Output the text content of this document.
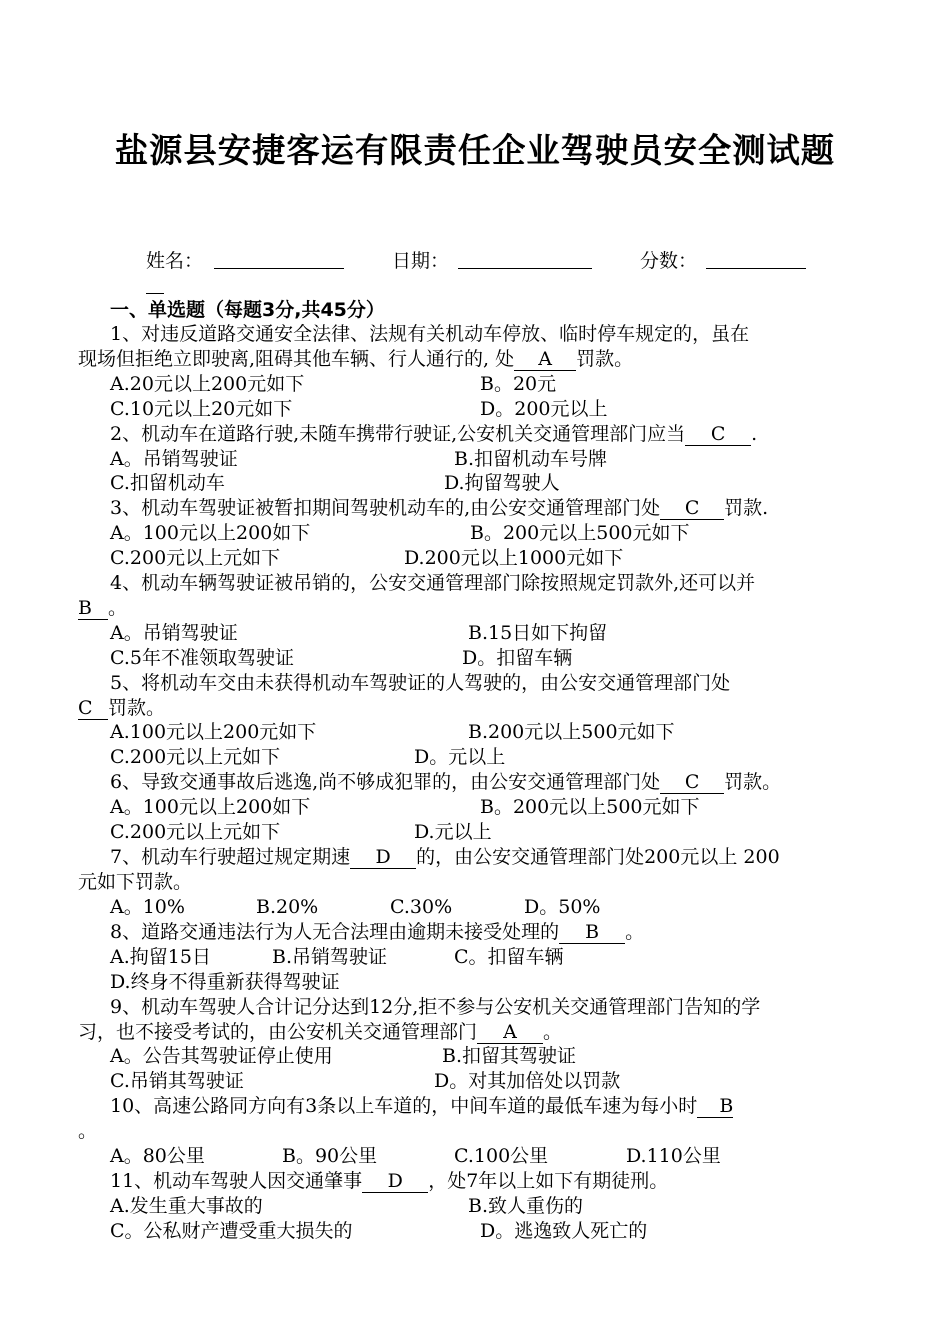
盐源县安捷客运有限责任企业驾驶员安全测试题
姓名：	日期：	分数：
一、单选题（每题3分,共45分）
1、对违反道路交通安全法律、法规有关机动车停放、临时停车规定的，虽在
现场但拒绝立即驶离,阻碍其他车辆、行人通行的, 处 A 罚款。
A.20元以上200元如下	B。20元
C.10元以上20元如下	D。200元以上
2、机动车在道路行驶,未随车携带行驶证,公安机关交通管理部门应当 C .
A。吊销驾驶证	B.扣留机动车号牌
C.扣留机动车	D.拘留驾驶人
3、机动车驾驶证被暂扣期间驾驶机动车的,由公安交通管理部门处 C 罚款.
A。100元以上200如下	B。200元以上500元如下
C.200元以上元如下	D.200元以上1000元如下
4、机动车辆驾驶证被吊销的，公安交通管理部门除按照规定罚款外,还可以并
B 。
A。吊销驾驶证	B.15日如下拘留
C.5年不准领取驾驶证	D。扣留车辆
5、将机动车交由未获得机动车驾驶证的人驾驶的，由公安交通管理部门处
C 罚款。
A.100元以上200元如下	B.200元以上500元如下
C.200元以上元如下	D。元以上
6、导致交通事故后逃逸,尚不够成犯罪的，由公安交通管理部门处 C 罚款。
A。100元以上200如下	B。200元以上500元如下
C.200元以上元如下	D.元以上
7、机动车行驶超过规定期速 D 的，由公安交通管理部门处200元以上 200
元如下罚款。
A。10%	B.20%	C.30%	D。50%
8、道路交通违法行为人无合法理由逾期未接受处理的 B 。
A.拘留15日	B.吊销驾驶证	C。扣留车辆
D.终身不得重新获得驾驶证
9、机动车驾驶人合计记分达到12分,拒不参与公安机关交通管理部门告知的学
习，也不接受考试的，由公安机关交通管理部门 A 。
A。公告其驾驶证停止使用	B.扣留其驾驶证
C.吊销其驾驶证	D。对其加倍处以罚款
10、高速公路同方向有3条以上车道的，中间车道的最低车速为每小时 B
。
A。80公里	B。90公里	C.100公里	D.110公里
11、机动车驾驶人因交通肇事 D ，处7年以上如下有期徒刑。
A.发生重大事故的	B.致人重伤的
C。公私财产遭受重大损失的	D。逃逸致人死亡的
